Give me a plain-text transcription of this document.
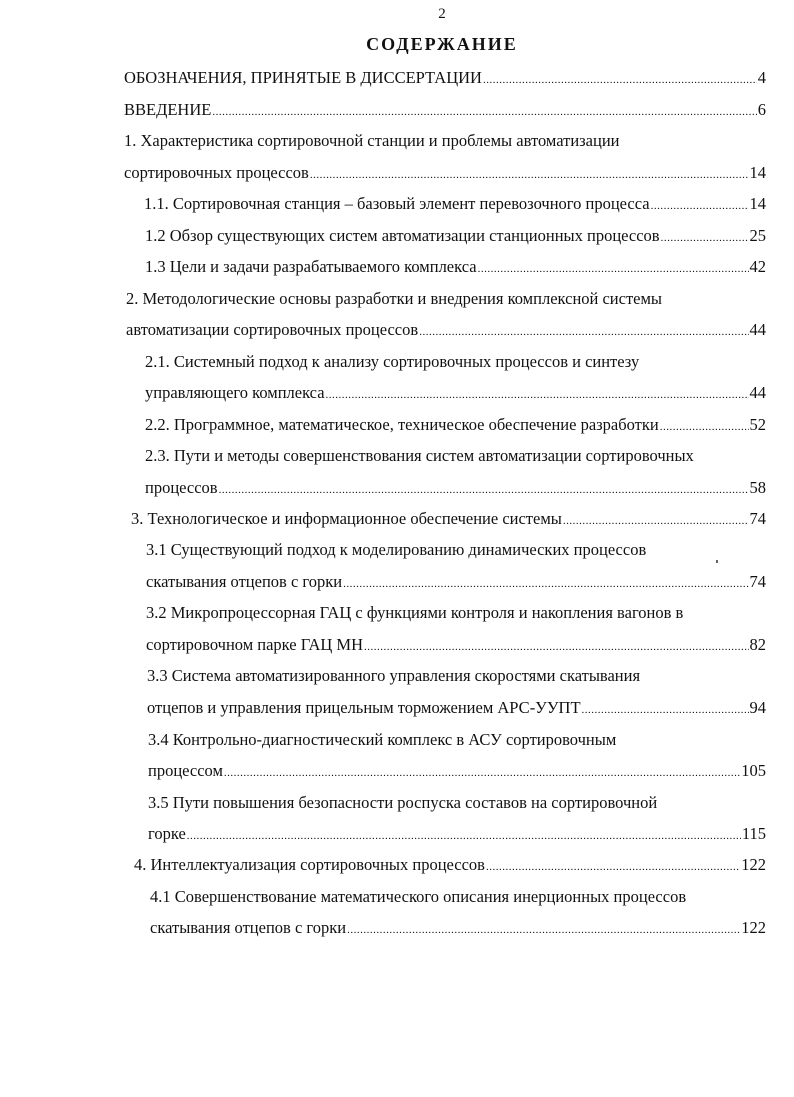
2
СОДЕРЖАНИЕ
ОБОЗНАЧЕНИЯ, ПРИНЯТЫЕ В ДИССЕРТАЦИИ .....	4
ВВЕДЕНИЕ .....	6
1. Характеристика сортировочной станции и проблемы автоматизации
сортировочных процессов .....	14
1.1. Сортировочная станция – базовый элемент перевозочного процесса .....	14
1.2 Обзор существующих систем автоматизации станционных процессов .....	25
1.3 Цели и задачи разрабатываемого комплекса .....	42
2. Методологические основы разработки и внедрения комплексной системы
автоматизации сортировочных процессов .....	44
2.1. Системный подход к анализу сортировочных процессов и синтезу
управляющего комплекса .....	44
2.2. Программное, математическое, техническое обеспечение разработки .....	52
2.3. Пути и методы совершенствования систем автоматизации сортировочных
процессов .....	58
3. Технологическое и информационное обеспечение системы .....	74
3.1 Существующий подход к моделированию динамических процессов
скатывания отцепов с горки .....	74
3.2 Микропроцессорная ГАЦ с функциями контроля и накопления вагонов в
сортировочном парке ГАЦ МН .....	82
3.3 Система автоматизированного управления скоростями скатывания
отцепов и управления прицельным торможением АРС-УУПТ .....	94
3.4 Контрольно-диагностический комплекс в АСУ сортировочным
процессом .....	105
3.5 Пути повышения безопасности роспуска составов на сортировочной
горке .....	115
4. Интеллектуализация сортировочных процессов .....	122
4.1 Совершенствование математического описания инерционных процессов
скатывания отцепов с горки .....	122
